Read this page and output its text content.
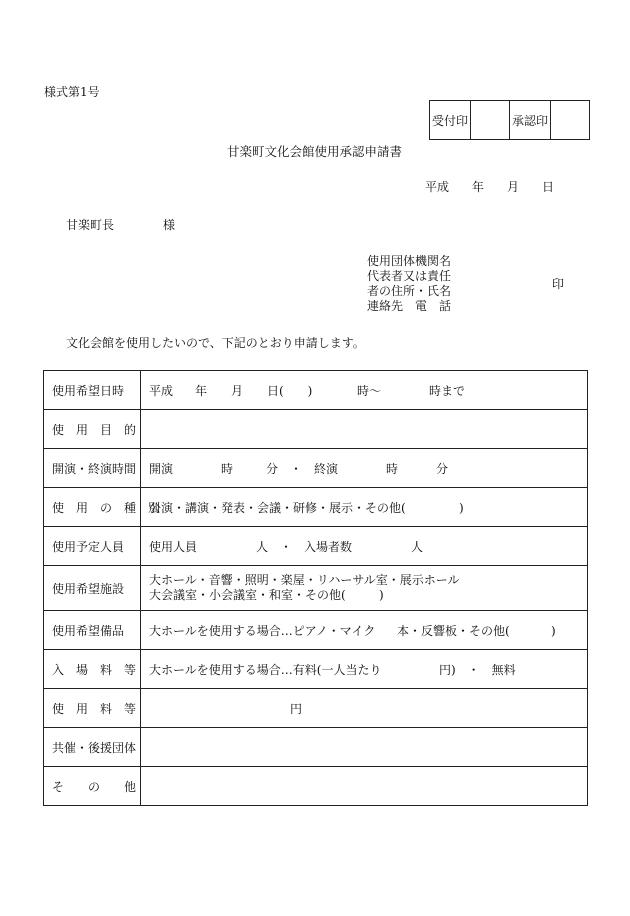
様式第1号
受付印		承認印	
甘楽町文化会館使用承認申請書
平成 年 月 日
甘楽町長	様
使用団体機関名
代表者又は責任
者の住所・氏名
連絡先　電　話
印
文化会館を使用したいので、下記のとおり申請します。
使用希望日時	平成 年 月 日(　　) 時〜 時まで
使　用　目　的	
開演・終演時間	開演 時 分　・　終演 時 分
使　用　の　種　別	公演・講演・発表・会議・研修・展示・その他( )
使用予定人員	使用人員 人　・　入場者数 人
使用希望施設	大ホール・音響・照明・楽屋・リハーサル室・展示ホール
大会議室・小会議室・和室・その他( )

使用希望備品	大ホールを使用する場合…ピアノ・マイク 本・反響板・その他( )
入　場　料　等	大ホールを使用する場合…有料(一人当たり 円)　・　無料
使　用　料　等	円
共催・後援団体	
そ　　の　　他	
